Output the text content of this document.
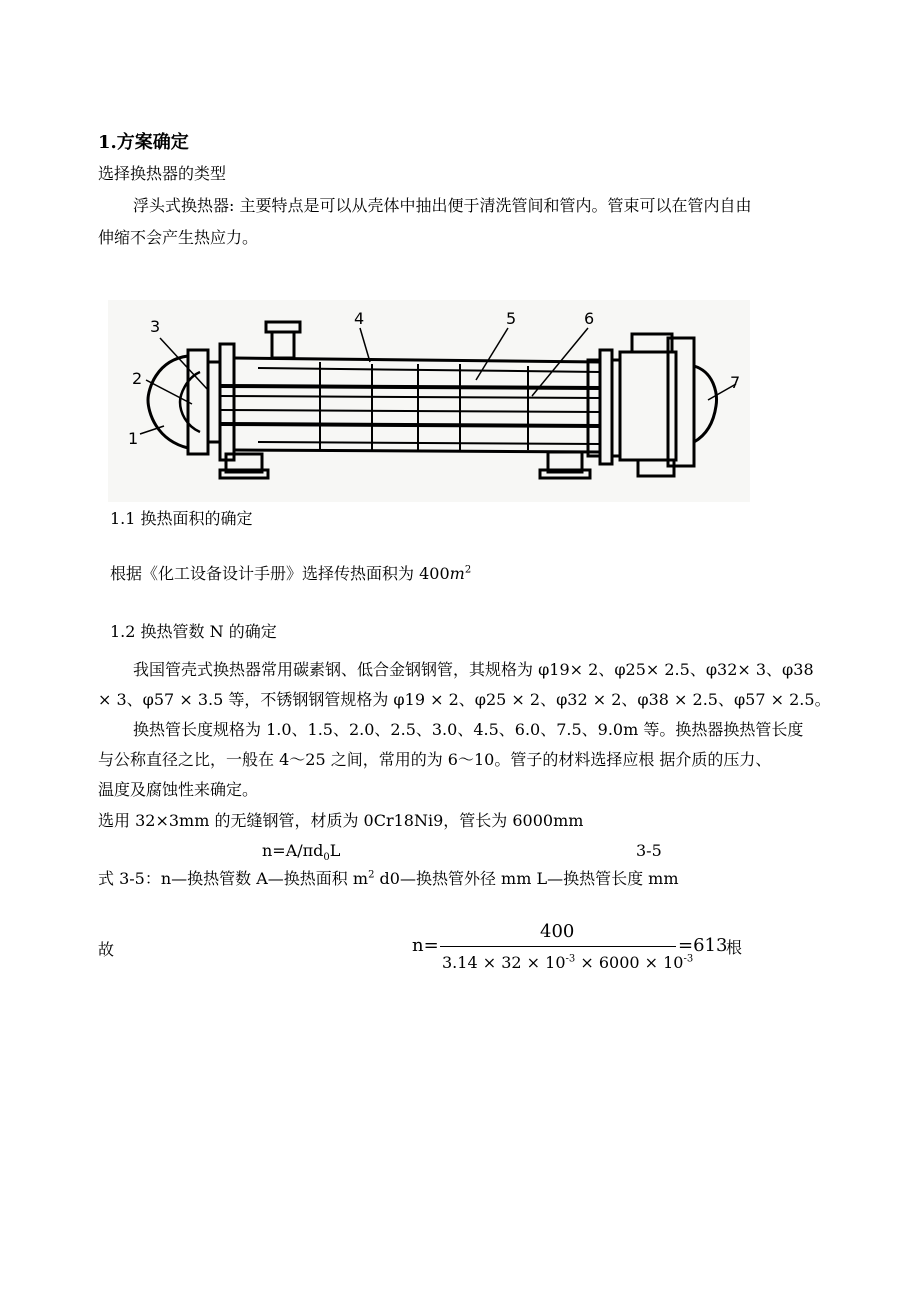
1.方案确定
选择换热器的类型
浮头式换热器: 主要特点是可以从壳体中抽出便于清洗管间和管内。管束可以在管内自由
伸缩不会产生热应力。
3
2
1
4	5	6
7
1.1 换热面积的确定
根据《化工设备设计手册》选择传热面积为 $400m^2$
1.2 换热管数 N 的确定
我国管壳式换热器常用碳素钢、低合金钢钢管，其规格为 φ19× 2、φ25× 2.5、φ32× 3、φ38
× 3、φ57 × 3.5 等，不锈钢钢管规格为 φ19 × 2、φ25 × 2、φ32 × 2、φ38 × 2.5、φ57 × 2.5。
换热管长度规格为 1.0、1.5、2.0、2.5、3.0、4.5、6.0、7.5、9.0m 等。换热器换热管长度
与公称直径之比，一般在 4～25 之间，常用的为 6～10。管子的材料选择应根 据介质的压力、
温度及腐蚀性来确定。
选用 32×3mm 的无缝钢管，材质为 0Cr18Ni9，管长为 6000mm
$n=A/\pi d_0L$	3-5
式 3-5：n—换热管数 A—换热面积 $m^2$ d0—换热管外径 mm L—换热管长度 mm
故	n=
400
$3.14 \times 32 \times 10^{-3} \times 6000 \times 10^{-3}$
=613
根
